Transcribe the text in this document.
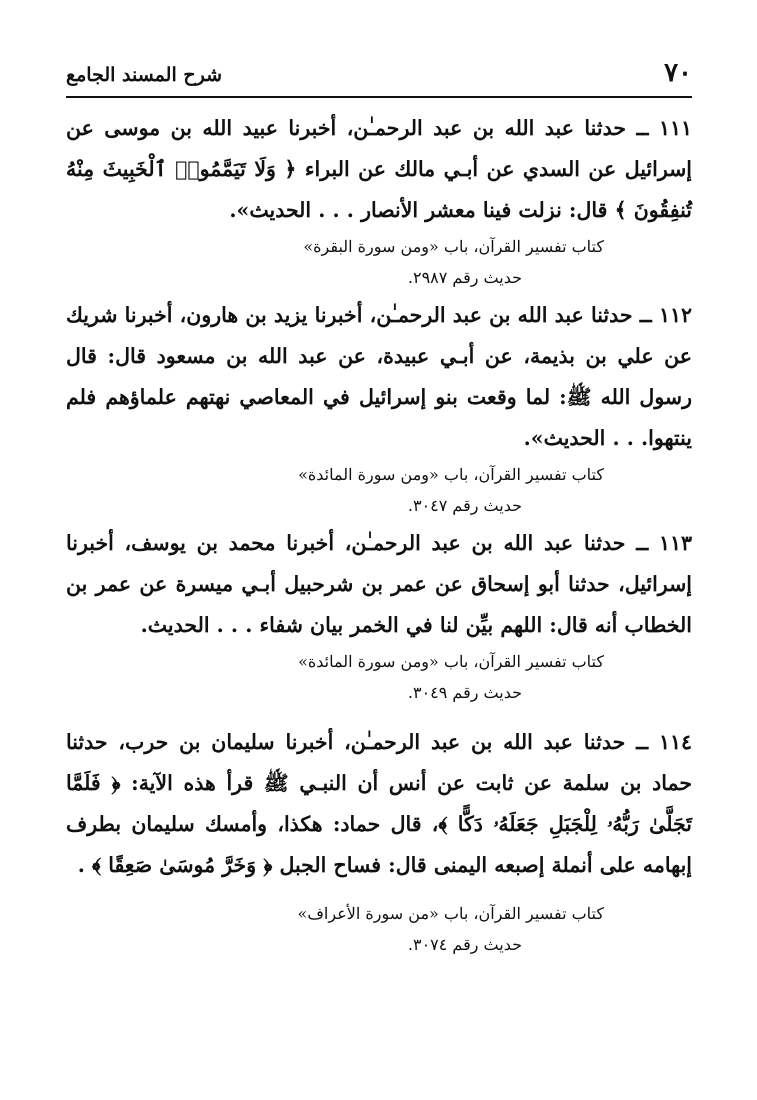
٧٠
شرح المسند الجامع

١١١ ــ حدثنا عبد الله بن عبد الرحمـٰن، أخبرنا عبيد الله بن موسى عن إسرائيل عن السدي عن أبـي مالك عن البراء ﴿ وَلَا تَيَمَّمُوا۟ ٱلْخَبِيثَ مِنْهُ تُنفِقُونَ ﴾ قال: نزلت فينا معشر الأنصار . . . الحديث».

كتاب تفسير القرآن، باب «ومن سورة البقرة»
حديث رقم ٢٩٨٧.

١١٢ ــ حدثنا عبد الله بن عبد الرحمـٰن، أخبرنا يزيد بن هارون، أخبرنا شريك عن علي بن بذيمة، عن أبـي عبيدة، عن عبد الله بن مسعود قال: قال رسول الله ﷺ: لما وقعت بنو إسرائيل في المعاصي نهتهم علماؤهم فلم ينتهوا. . . الحديث».

كتاب تفسير القرآن، باب «ومن سورة المائدة»
حديث رقم ٣٠٤٧.

١١٣ ــ حدثنا عبد الله بن عبد الرحمـٰن، أخبرنا محمد بن يوسف، أخبرنا إسرائيل، حدثنا أبو إسحاق عن عمر بن شرحبيل أبـي ميسرة عن عمر بن الخطاب أنه قال: اللهم بيِّن لنا في الخمر بيان شفاء . . . الحديث.

كتاب تفسير القرآن، باب «ومن سورة المائدة»
حديث رقم ٣٠٤٩.

١١٤ ــ حدثنا عبد الله بن عبد الرحمـٰن، أخبرنا سليمان بن حرب، حدثنا حماد بن سلمة عن ثابت عن أنس أن النبـي ﷺ قرأ هذه الآية: ﴿ فَلَمَّا تَجَلَّىٰ رَبُّهُۥ لِلْجَبَلِ جَعَلَهُۥ دَكًّا ﴾، قال حماد: هكذا، وأمسك سليمان بطرف إبهامه على أنملة إصبعه اليمنى قال: فساح الجبل ﴿ وَخَرَّ مُوسَىٰ صَعِقًا ﴾ .

كتاب تفسير القرآن، باب «من سورة الأعراف»
حديث رقم ٣٠٧٤.
